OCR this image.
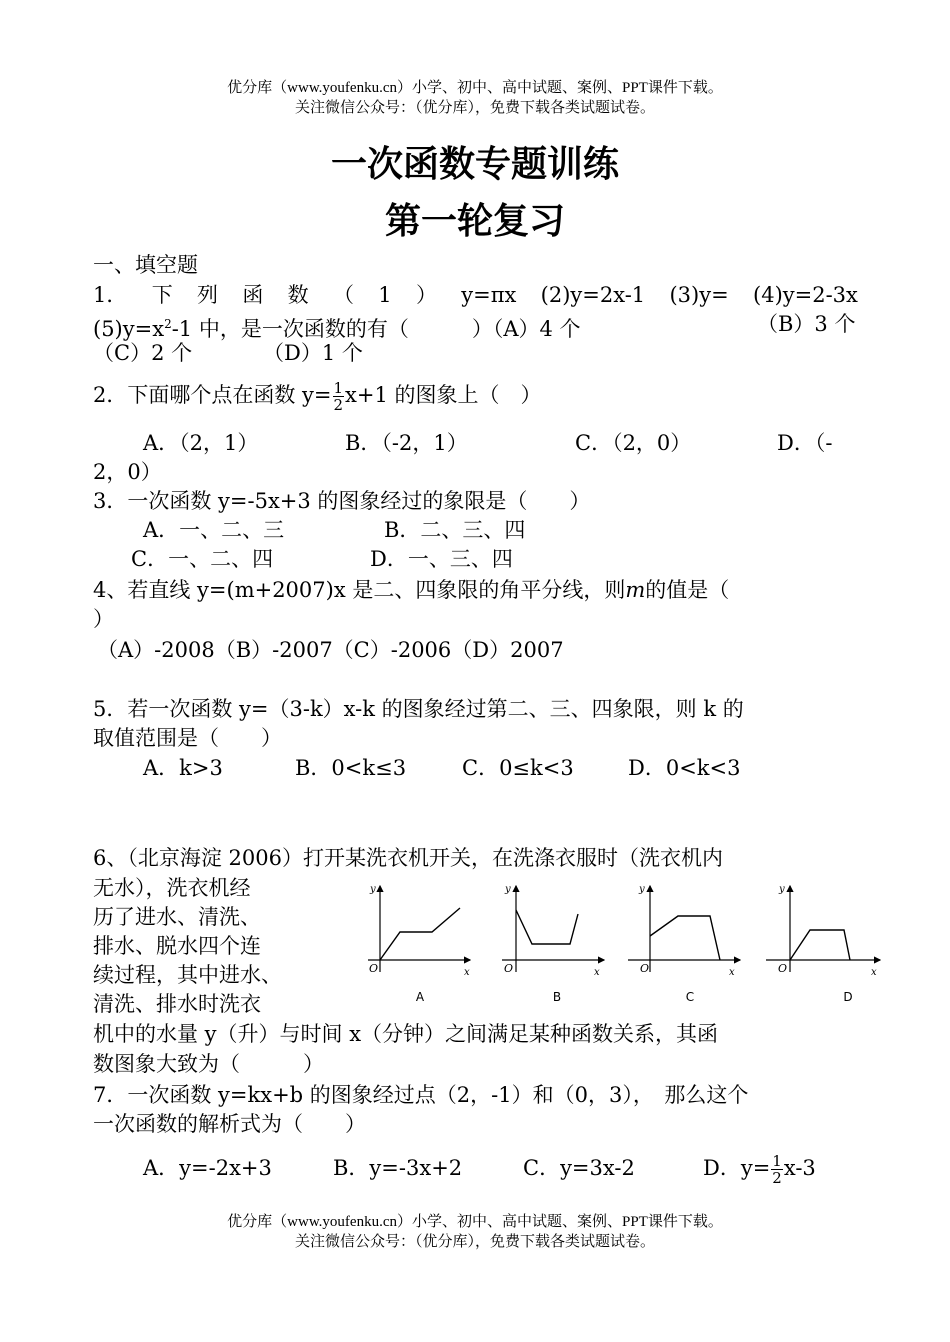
优分库（www.youfenku.cn）小学、初中、高中试题、案例、PPT课件下载。
关注微信公众号：（优分库），免费下载各类试题试卷。
一次函数专题训练
第一轮复习
一、填空题
1． 下 列 函 数 （ 1 ） y=πx (2)y=2x-1 (3)y= (4)y=2-3x
$(5)y=x^2-1$ 中，是一次函数的有（　　　）（A）4 个	（B）3 个
（C）2 个	（D）1 个
2．下面哪个点在函数 $y= \frac{1}{2} x+1$ 的图象上（　）
A．（2，1）	B．（-2，1）	C．（2，0）	D．（-
2，0）
3．一次函数 y=-5x+3 的图象经过的象限是（　　）
A．一、二、三	B．二、三、四
C．一、二、四	D．一、三、四
4、若直线 y=(m+2007)x 是二、四象限的角平分线，则m的值是（
）
（A）-2008（B）-2007（C）-2006（D）2007
5．若一次函数 y=（3-k）x-k 的图象经过第二、三、四象限，则 k 的
取值范围是（　　）
A．k>3	B．0<k≤3	C．0≤k<3	D．0<k<3
6、（北京海淀 2006）打开某洗衣机开关，在洗涤衣服时（洗衣机内
无水），洗衣机经
历了进水、清洗、
排水、脱水四个连
续过程，其中进水、
清洗、排水时洗衣
机中的水量 y（升）与时间 x（分钟）之间满足某种函数关系，其函
数图象大致为（　　　）
y
x
O
y
x
O
y
x
O
y
x
O
A	B	C	D
7．一次函数 y=kx+b 的图象经过点（2，-1）和（0，3），　那么这个
一次函数的解析式为（　　）
A．y=-2x+3	B．y=-3x+2	C．y=3x-2	D．$y= \frac{1}{2} x-3$
优分库（www.youfenku.cn）小学、初中、高中试题、案例、PPT课件下载。
关注微信公众号：（优分库），免费下载各类试题试卷。
